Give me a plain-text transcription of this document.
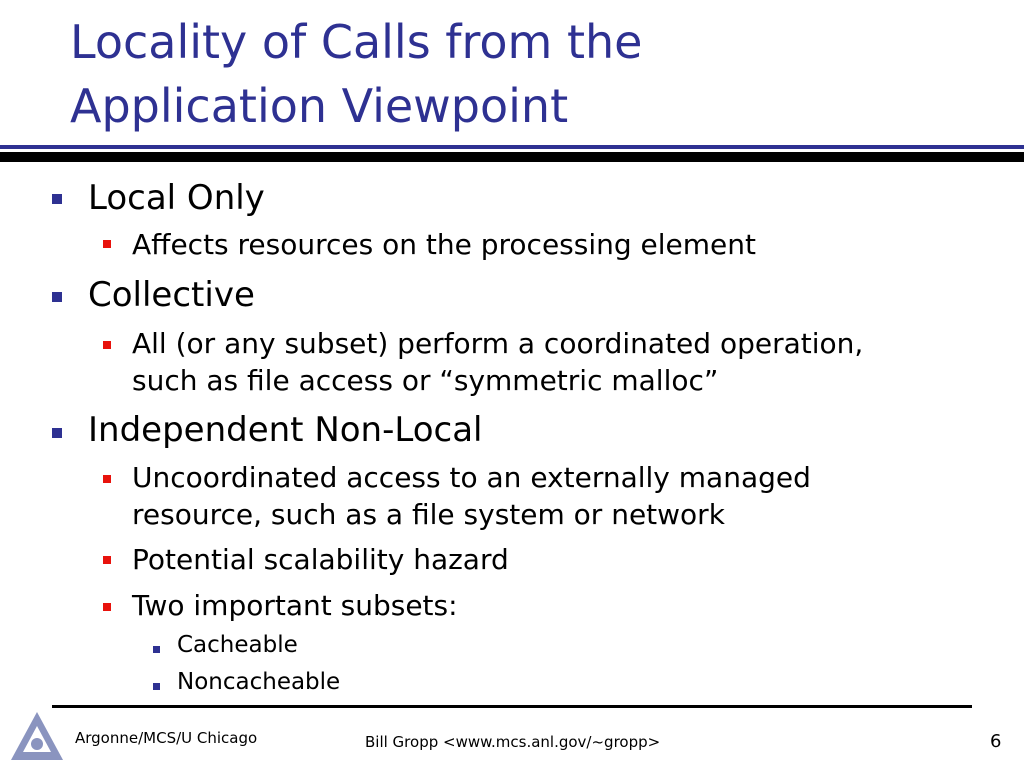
Locality of Calls from the
Application Viewpoint
Local Only
Affects resources on the processing element
Collective
All (or any subset) perform a coordinated operation,
such as file access or “symmetric malloc”
Independent Non-Local
Uncoordinated access to an externally managed
resource, such as a file system or network
Potential scalability hazard
Two important subsets:
Cacheable
Noncacheable
Argonne/MCS/U Chicago	Bill Gropp <www.mcs.anl.gov/~gropp>	6
